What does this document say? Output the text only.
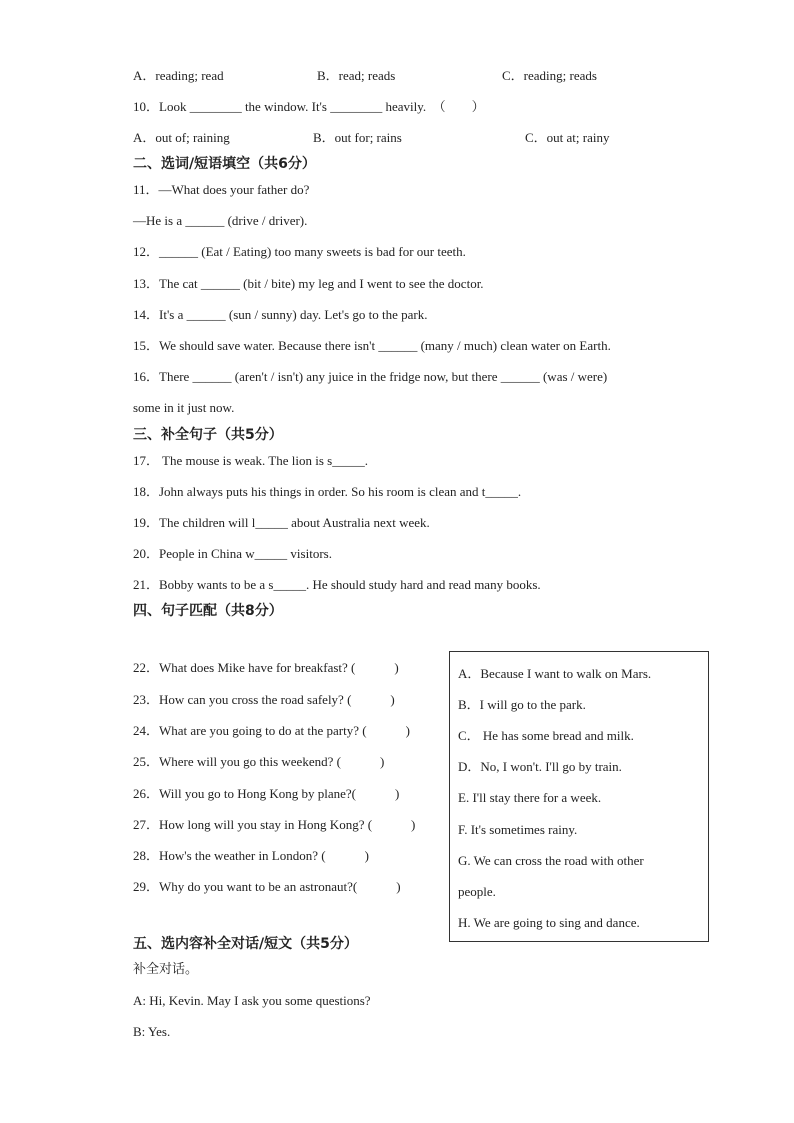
A．reading; read	B．read; reads	C．reading; reads
10．Look ________ the window. It's ________ heavily.　（　　）
A．out of; raining	B．out for; rains	C．out at; rainy
二、选词/短语填空（共6分）
11．—What does your father do?
—He is a ______ (drive / driver).
12．______ (Eat / Eating) too many sweets is bad for our teeth.
13．The cat ______ (bit / bite) my leg and I went to see the doctor.
14．It's a ______ (sun / sunny) day. Let's go to the park.
15．We should save water. Because there isn't ______ (many / much) clean water on Earth.
16．There ______ (aren't / isn't) any juice in the fridge now, but there ______ (was / were)
some in it just now.
三、补全句子（共5分）
17． The mouse is weak. The lion is s_____.
18．John always puts his things in order. So his room is clean and t_____.
19．The children will l_____ about Australia next week.
20．People in China w_____ visitors.
21．Bobby wants to be a s_____. He should study hard and read many books.
四、句子匹配（共8分）
22．What does Mike have for breakfast? (　　　)
23．How can you cross the road safely? (　　　)
24．What are you going to do at the party? (　　　)
25．Where will you go this weekend? (　　　)
26．Will you go to Hong Kong by plane?(　　　)
27．How long will you stay in Hong Kong? (　　　)
28．How's the weather in London? (　　　)
29．Why do you want to be an astronaut?(　　　)
A．Because I want to walk on Mars.
B．I will go to the park.
C． He has some bread and milk.
D．No, I won't. I'll go by train.
E. I'll stay there for a week.
F. It's sometimes rainy.
G. We can cross the road with other
people.
H. We are going to sing and dance.
五、选内容补全对话/短文（共5分）
补全对话。
A: Hi, Kevin. May I ask you some questions?
B: Yes.
